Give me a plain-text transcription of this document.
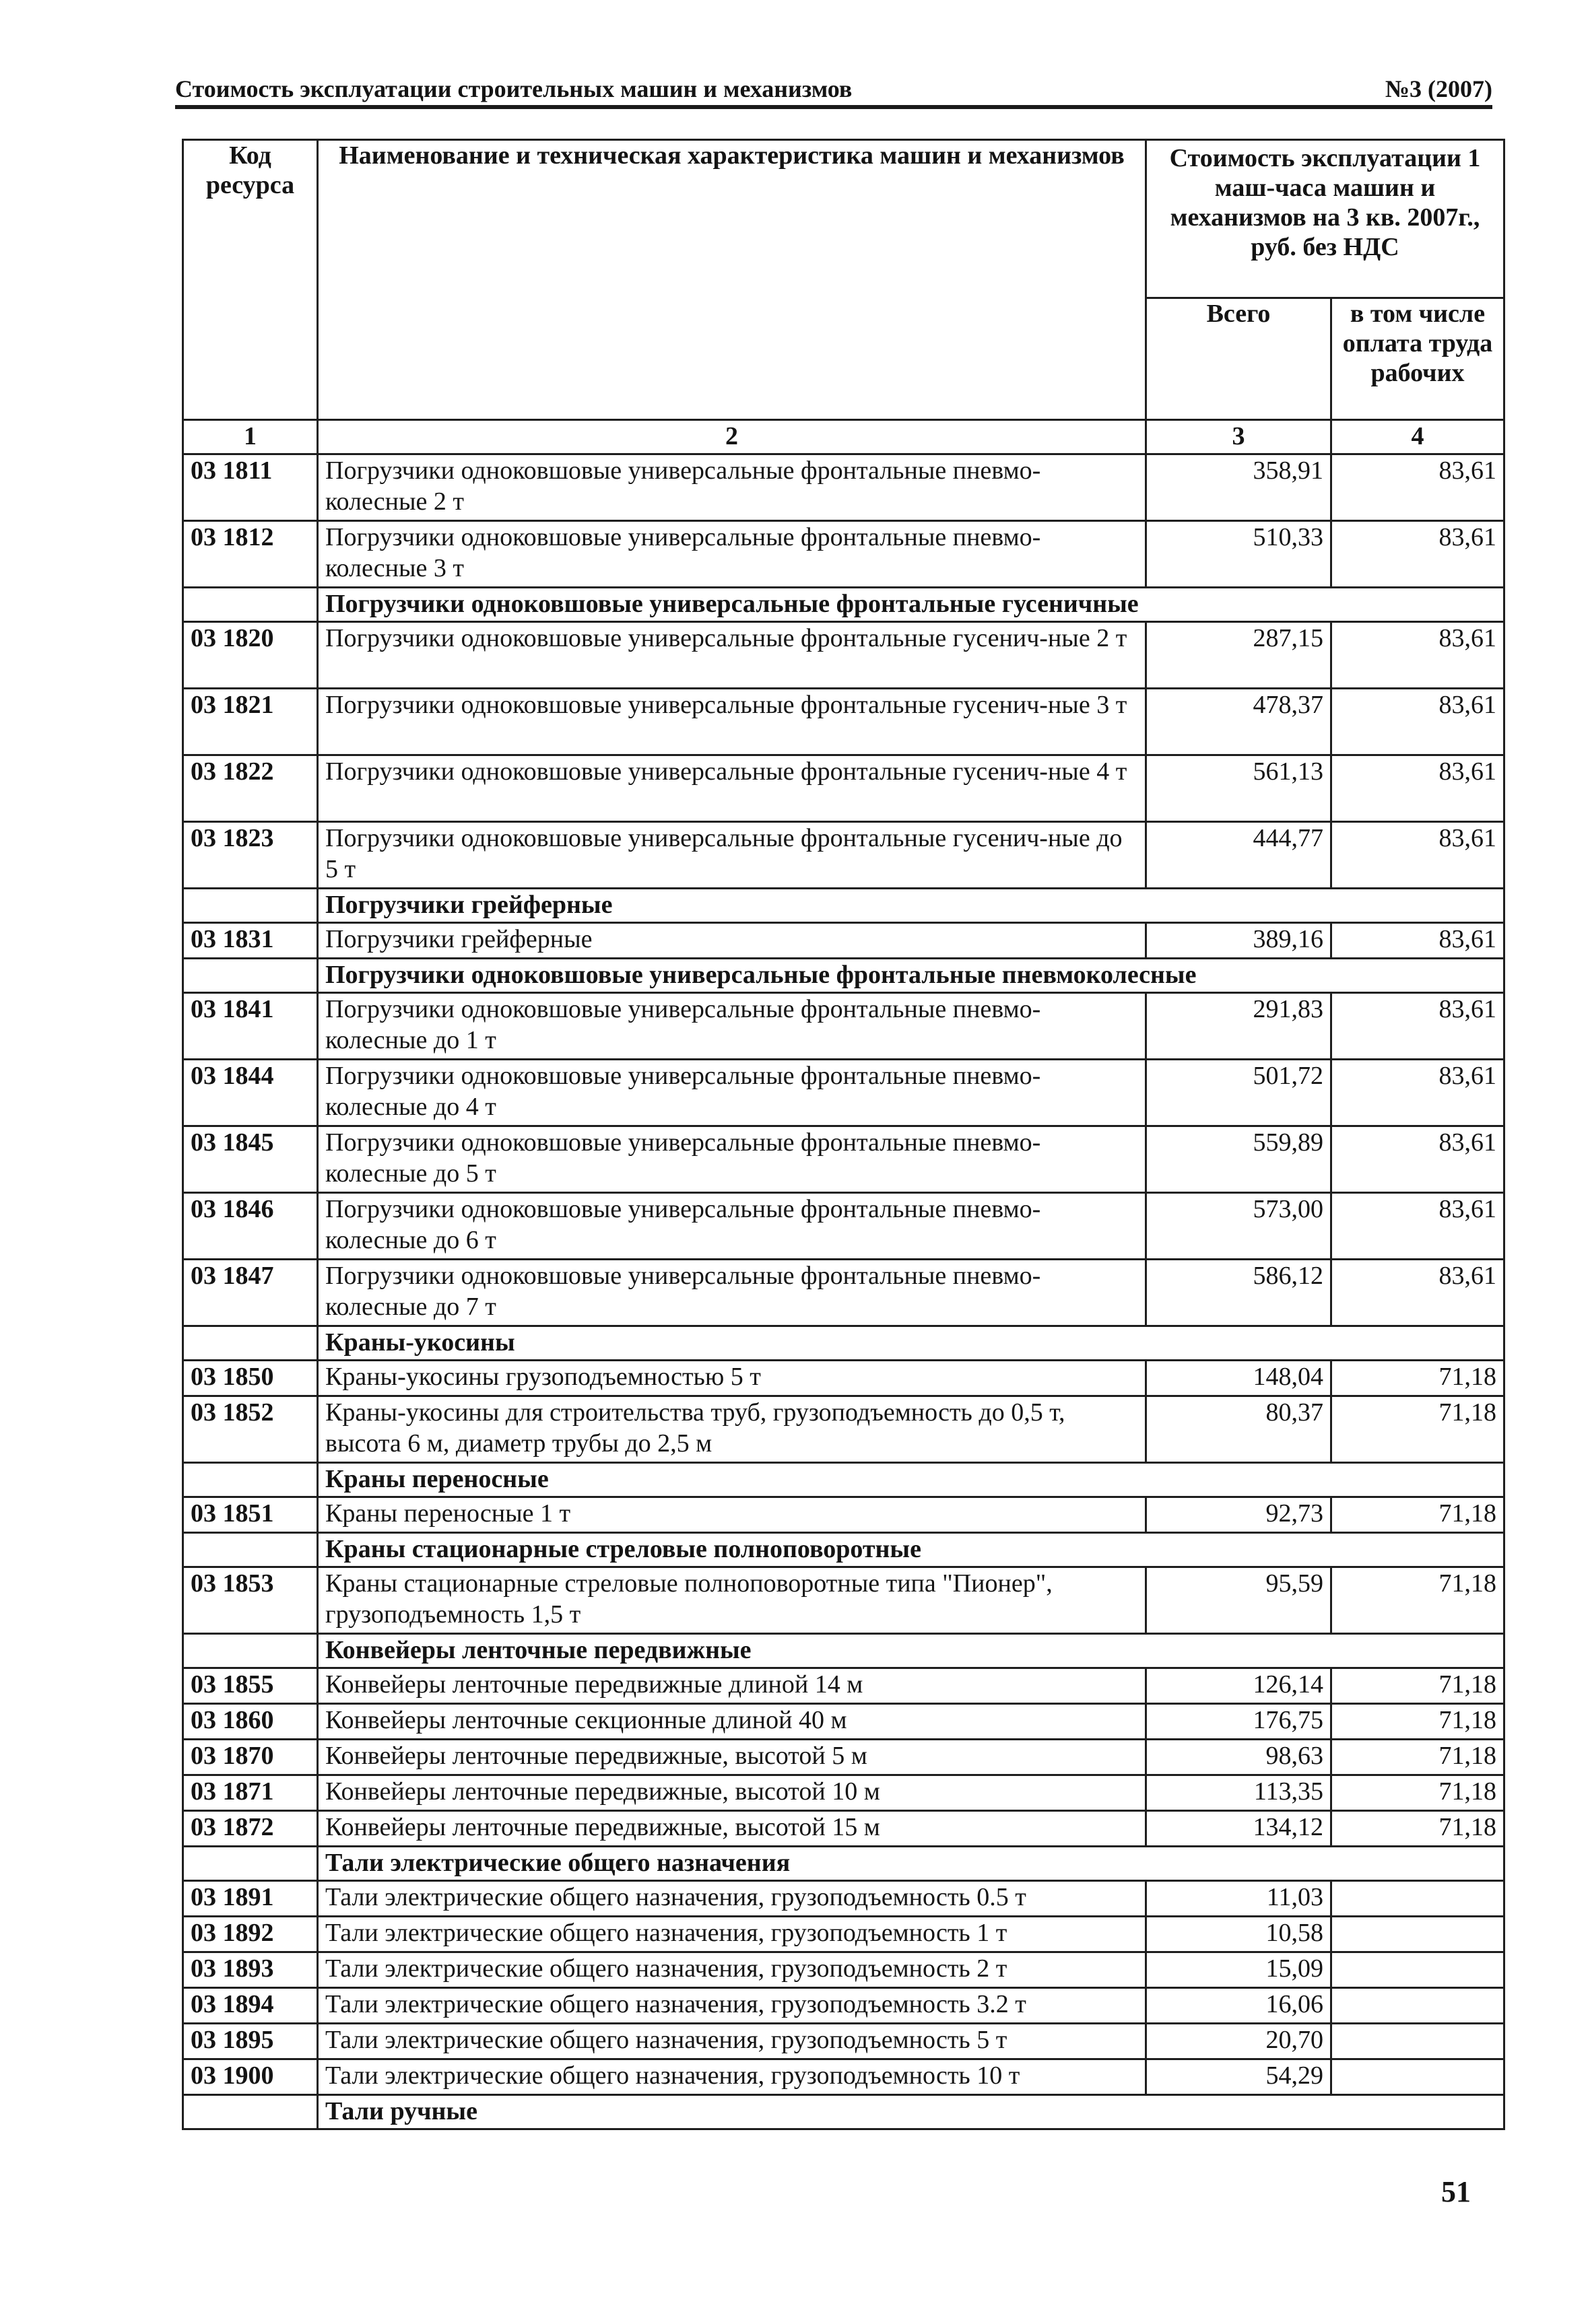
Стоимость эксплуатации строительных машин и механизмов	№3 (2007)
Код ресурса	Наименование и техническая характеристика машин и механизмов	Стоимость эксплуатации 1 маш-часа машин и механизмов на 3 кв. 2007г., руб. без НДС	
		Всего	в том числе оплата труда рабочих
1	2	3	4
03 1811	Погрузчики одноковшовые универсальные фронтальные пневмо-колесные 2 т	358,91	83,61
03 1812	Погрузчики одноковшовые универсальные фронтальные пневмо-колесные 3 т	510,33	83,61
	Погрузчики одноковшовые универсальные фронтальные гусеничные		
03 1820	Погрузчики одноковшовые универсальные фронтальные гусенич-ные 2 т	287,15	83,61
03 1821	Погрузчики одноковшовые универсальные фронтальные гусенич-ные 3 т	478,37	83,61
03 1822	Погрузчики одноковшовые универсальные фронтальные гусенич-ные 4 т	561,13	83,61
03 1823	Погрузчики одноковшовые универсальные фронтальные гусенич-ные до 5 т	444,77	83,61
	Погрузчики грейферные		
03 1831	Погрузчики грейферные	389,16	83,61
	Погрузчики одноковшовые универсальные фронтальные пневмоколесные		
03 1841	Погрузчики одноковшовые универсальные фронтальные пневмо-колесные до 1 т	291,83	83,61
03 1844	Погрузчики одноковшовые универсальные фронтальные пневмо-колесные до 4 т	501,72	83,61
03 1845	Погрузчики одноковшовые универсальные фронтальные пневмо-колесные до 5 т	559,89	83,61
03 1846	Погрузчики одноковшовые универсальные фронтальные пневмо-колесные до 6 т	573,00	83,61
03 1847	Погрузчики одноковшовые универсальные фронтальные пневмо-колесные до 7 т	586,12	83,61
	Краны-укосины		
03 1850	Краны-укосины грузоподъемностью 5 т	148,04	71,18
03 1852	Краны-укосины для строительства труб, грузоподъемность до 0,5 т, высота 6 м, диаметр трубы до 2,5 м	80,37	71,18
	Краны переносные		
03 1851	Краны переносные 1 т	92,73	71,18
	Краны стационарные стреловые полноповоротные		
03 1853	Краны стационарные стреловые полноповоротные типа "Пионер", грузоподъемность 1,5 т	95,59	71,18
	Конвейеры ленточные передвижные		
03 1855	Конвейеры ленточные передвижные длиной 14 м	126,14	71,18
03 1860	Конвейеры ленточные секционные длиной 40 м	176,75	71,18
03 1870	Конвейеры ленточные передвижные, высотой 5 м	98,63	71,18
03 1871	Конвейеры ленточные передвижные, высотой 10 м	113,35	71,18
03 1872	Конвейеры ленточные передвижные, высотой 15 м	134,12	71,18
	Тали электрические общего назначения		
03 1891	Тали электрические общего назначения, грузоподъемность 0.5 т	11,03	
03 1892	Тали электрические общего назначения, грузоподъемность 1 т	10,58	
03 1893	Тали электрические общего назначения, грузоподъемность 2 т	15,09	
03 1894	Тали электрические общего назначения, грузоподъемность 3.2 т	16,06	
03 1895	Тали электрические общего назначения, грузоподъемность 5 т	20,70	
03 1900	Тали электрические общего назначения, грузоподъемность 10 т	54,29	
	Тали ручные		
51
